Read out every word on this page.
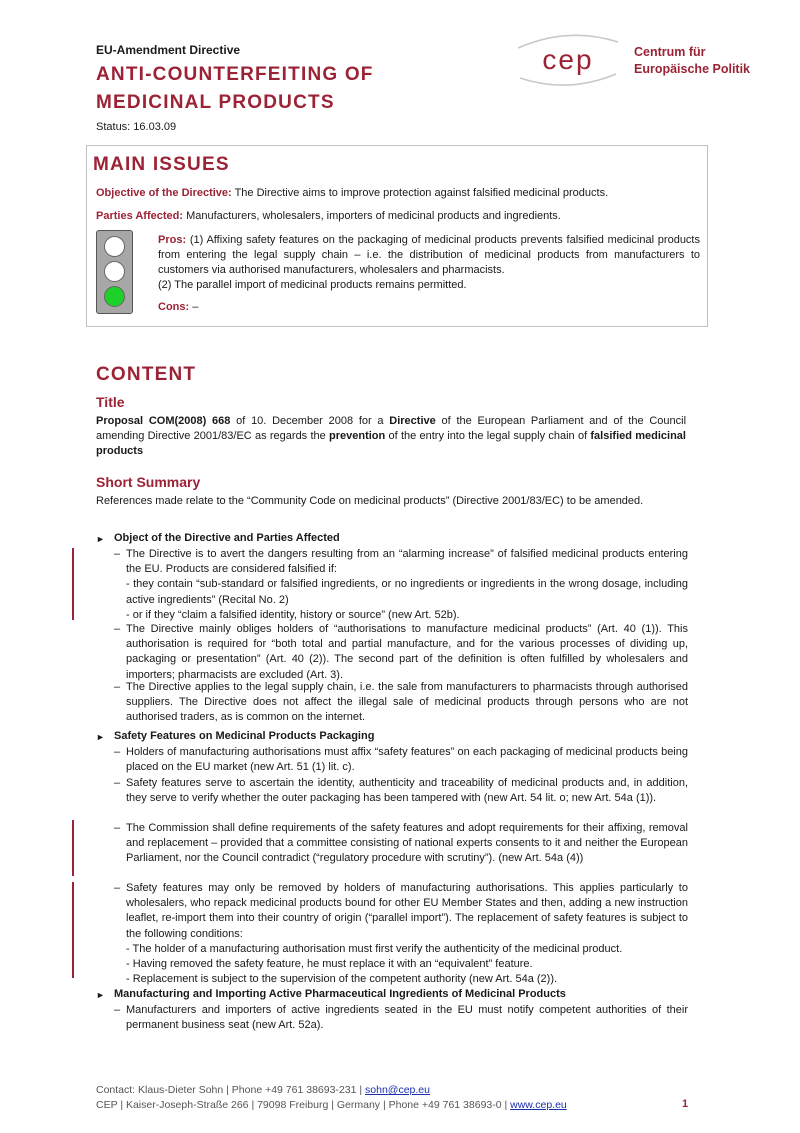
EU-Amendment Directive
ANTI-COUNTERFEITING OF
MEDICINAL PRODUCTS
Status: 16.03.09
cep	Centrum für
Europäische Politik
MAIN ISSUES
Objective of the Directive: The Directive aims to improve protection against falsified medicinal products.
Parties Affected: Manufacturers, wholesalers, importers of medicinal products and ingredients.
Pros: (1) Affixing safety features on the packaging of medicinal products prevents falsified medicinal products from entering the legal supply chain – i.e. the distribution of medicinal products from manufacturers to customers via authorised manufacturers, wholesalers and pharmacists.
(2) The parallel import of medicinal products remains permitted.
Cons: –
CONTENT
Title
Proposal COM(2008) 668 of 10. December 2008 for a Directive of the European Parliament and of the Council amending Directive 2001/83/EC as regards the prevention of the entry into the legal supply chain of falsified medicinal products
Short Summary
References made relate to the “Community Code on medicinal products” (Directive 2001/83/EC) to be amended.
► Object of the Directive and Parties Affected
– The Directive is to avert the dangers resulting from an “alarming increase” of falsified medicinal products entering the EU. Products are considered falsified if:
- they contain “sub-standard or falsified ingredients, or no ingredients or ingredients in the wrong dosage, including active ingredients” (Recital No. 2)
- or if they “claim a falsified identity, history or source” (new Art. 52b).
– The Directive mainly obliges holders of “authorisations to manufacture medicinal products” (Art. 40 (1)). This authorisation is required for “both total and partial manufacture, and for the various processes of dividing up, packaging or presentation” (Art. 40 (2)). The second part of the definition is often fulfilled by wholesalers and importers; pharmacists are excluded (Art. 3).
– The Directive applies to the legal supply chain, i.e. the sale from manufacturers to pharmacists through authorised suppliers. The Directive does not affect the illegal sale of medicinal products through persons who are not authorised traders, as is common on the internet.
► Safety Features on Medicinal Products Packaging
– Holders of manufacturing authorisations must affix “safety features” on each packaging of medicinal products being placed on the EU market (new Art. 51 (1) lit. c).
– Safety features serve to ascertain the identity, authenticity and traceability of medicinal products and, in addition, they serve to verify whether the outer packaging has been tampered with (new Art. 54 lit. o; new Art. 54a (1)).
– The Commission shall define requirements of the safety features and adopt requirements for their affixing, removal and replacement – provided that a committee consisting of national experts consents to it and neither the European Parliament, nor the Council contradict (“regulatory procedure with scrutiny”). (new Art. 54a (4))
– Safety features may only be removed by holders of manufacturing authorisations. This applies particularly to wholesalers, who repack medicinal products bound for other EU Member States and then, adding a new instruction leaflet, re-import them into their country of origin (“parallel import”). The replacement of safety features is subject to the following conditions:
- The holder of a manufacturing authorisation must first verify the authenticity of the medicinal product.
- Having removed the safety feature, he must replace it with an “equivalent” feature.
- Replacement is subject to the supervision of the competent authority (new Art. 54a (2)).
► Manufacturing and Importing Active Pharmaceutical Ingredients of Medicinal Products
– Manufacturers and importers of active ingredients seated in the EU must notify competent authorities of their permanent business seat (new Art. 52a).
Contact: Klaus-Dieter Sohn | Phone +49 761 38693-231 | sohn@cep.eu
CEP | Kaiser-Joseph-Straße 266 | 79098 Freiburg | Germany | Phone +49 761 38693-0 | www.cep.eu	1
